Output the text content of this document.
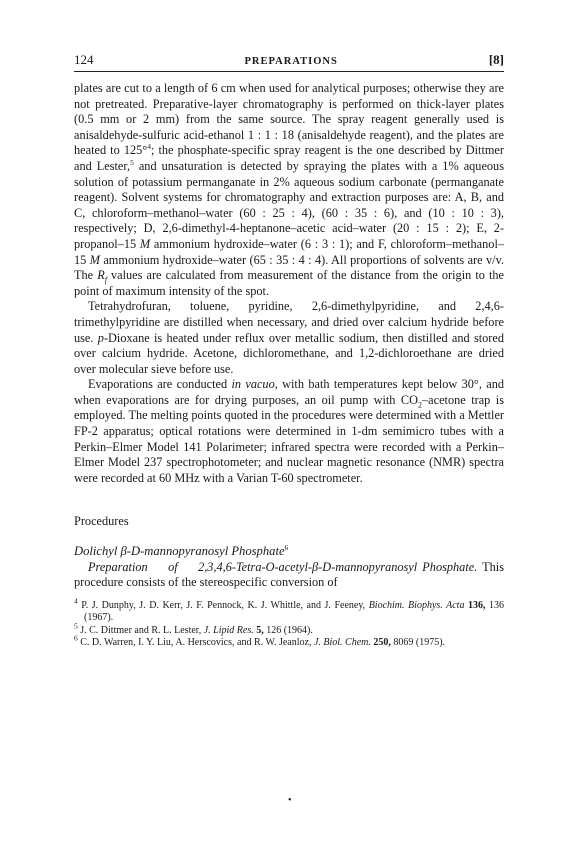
124	PREPARATIONS	[8]

plates are cut to a length of 6 cm when used for analytical purposes; otherwise they are not pretreated. Preparative-layer chromatography is performed on thick-layer plates (0.5 mm or 2 mm) from the same source. The spray reagent generally used is anisaldehyde-sulfuric acid-ethanol 1 : 1 : 18 (anisaldehyde reagent), and the plates are heated to 125°$^4$; the phosphate-specific spray reagent is the one described by Dittmer and Lester,$^5$ and unsaturation is detected by spraying the plates with a 1% aqueous solution of potassium permanganate in 2% aqueous sodium carbonate (permanganate reagent). Solvent systems for chromatography and extraction purposes are: A, B, and C, chloroform–methanol–water (60 : 25 : 4), (60 : 35 : 6), and (10 : 10 : 3), respectively; D, 2,6-dimethyl-4-heptanone–acetic acid–water (20 : 15 : 2); E, 2-propanol–15 M ammonium hydroxide–water (6 : 3 : 1); and F, chloroform–methanol–15 M ammonium hydroxide–water (65 : 35 : 4 : 4). All proportions of solvents are v/v. The $R_f$ values are calculated from measurement of the distance from the origin to the point of maximum intensity of the spot.

Tetrahydrofuran, toluene, pyridine, 2,6-dimethylpyridine, and 2,4,6-trimethylpyridine are distilled when necessary, and dried over calcium hydride before use. p-Dioxane is heated under reflux over metallic sodium, then distilled and stored over calcium hydride. Acetone, dichloromethane, and 1,2-dichloroethane are dried over molecular sieve before use.

Evaporations are conducted in vacuo, with bath temperatures kept below 30°, and when evaporations are for drying purposes, an oil pump with $CO_2$–acetone trap is employed. The melting points quoted in the procedures were determined with a Mettler FP-2 apparatus; optical rotations were determined in 1-dm semimicro tubes with a Perkin–Elmer Model 141 Polarimeter; infrared spectra were recorded with a Perkin–Elmer Model 237 spectrophotometer; and nuclear magnetic resonance (NMR) spectra were recorded at 60 MHz with a Varian T-60 spectrometer.

Procedures
Dolichyl β-D-mannopyranosyl Phosphate$^6$

Preparation of 2,3,4,6-Tetra-O-acetyl-β-D-mannopyranosyl Phosphate. This procedure consists of the stereospecific conversion of

$^4$ P. J. Dunphy, J. D. Kerr, J. F. Pennock, K. J. Whittle, and J. Feeney, Biochim. Biophys. Acta 136, 136 (1967).

$^5$ J. C. Dittmer and R. L. Lester, J. Lipid Res. 5, 126 (1964).

$^6$ C. D. Warren, I. Y. Liu, A. Herscovics, and R. W. Jeanloz, J. Biol. Chem. 250, 8069 (1975).

•
